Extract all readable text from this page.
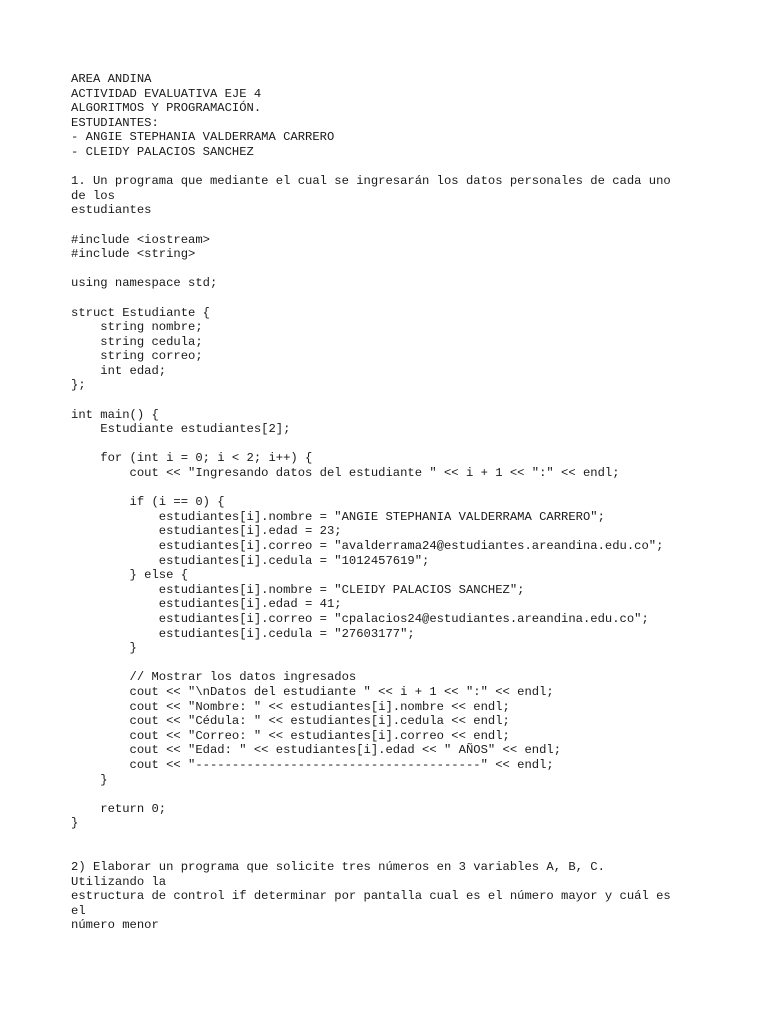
AREA ANDINA
ACTIVIDAD EVALUATIVA EJE 4
ALGORITMOS Y PROGRAMACIÓN.
ESTUDIANTES:
- ANGIE STEPHANIA VALDERRAMA CARRERO
- CLEIDY PALACIOS SANCHEZ
1. Un programa que mediante el cual se ingresarán los datos personales de cada uno
de los
estudiantes
#include <iostream>
#include <string>
using namespace std;
struct Estudiante {
string nombre;
string cedula;
string correo;
int edad;
};
int main() {
Estudiante estudiantes[2];
for (int i = 0; i < 2; i++) {
cout << "Ingresando datos del estudiante " << i + 1 << ":" << endl;
if (i == 0) {
estudiantes[i].nombre = "ANGIE STEPHANIA VALDERRAMA CARRERO";
estudiantes[i].edad = 23;
estudiantes[i].correo = "avalderrama24@estudiantes.areandina.edu.co";
estudiantes[i].cedula = "1012457619";
} else {
estudiantes[i].nombre = "CLEIDY PALACIOS SANCHEZ";
estudiantes[i].edad = 41;
estudiantes[i].correo = "cpalacios24@estudiantes.areandina.edu.co";
estudiantes[i].cedula = "27603177";
}
// Mostrar los datos ingresados
cout << "\nDatos del estudiante " << i + 1 << ":" << endl;
cout << "Nombre: " << estudiantes[i].nombre << endl;
cout << "Cédula: " << estudiantes[i].cedula << endl;
cout << "Correo: " << estudiantes[i].correo << endl;
cout << "Edad: " << estudiantes[i].edad << " AÑOS" << endl;
cout << "---------------------------------------" << endl;
}
return 0;
}
2) Elaborar un programa que solicite tres números en 3 variables A, B, C.
Utilizando la
estructura de control if determinar por pantalla cual es el número mayor y cuál es
el
número menor
